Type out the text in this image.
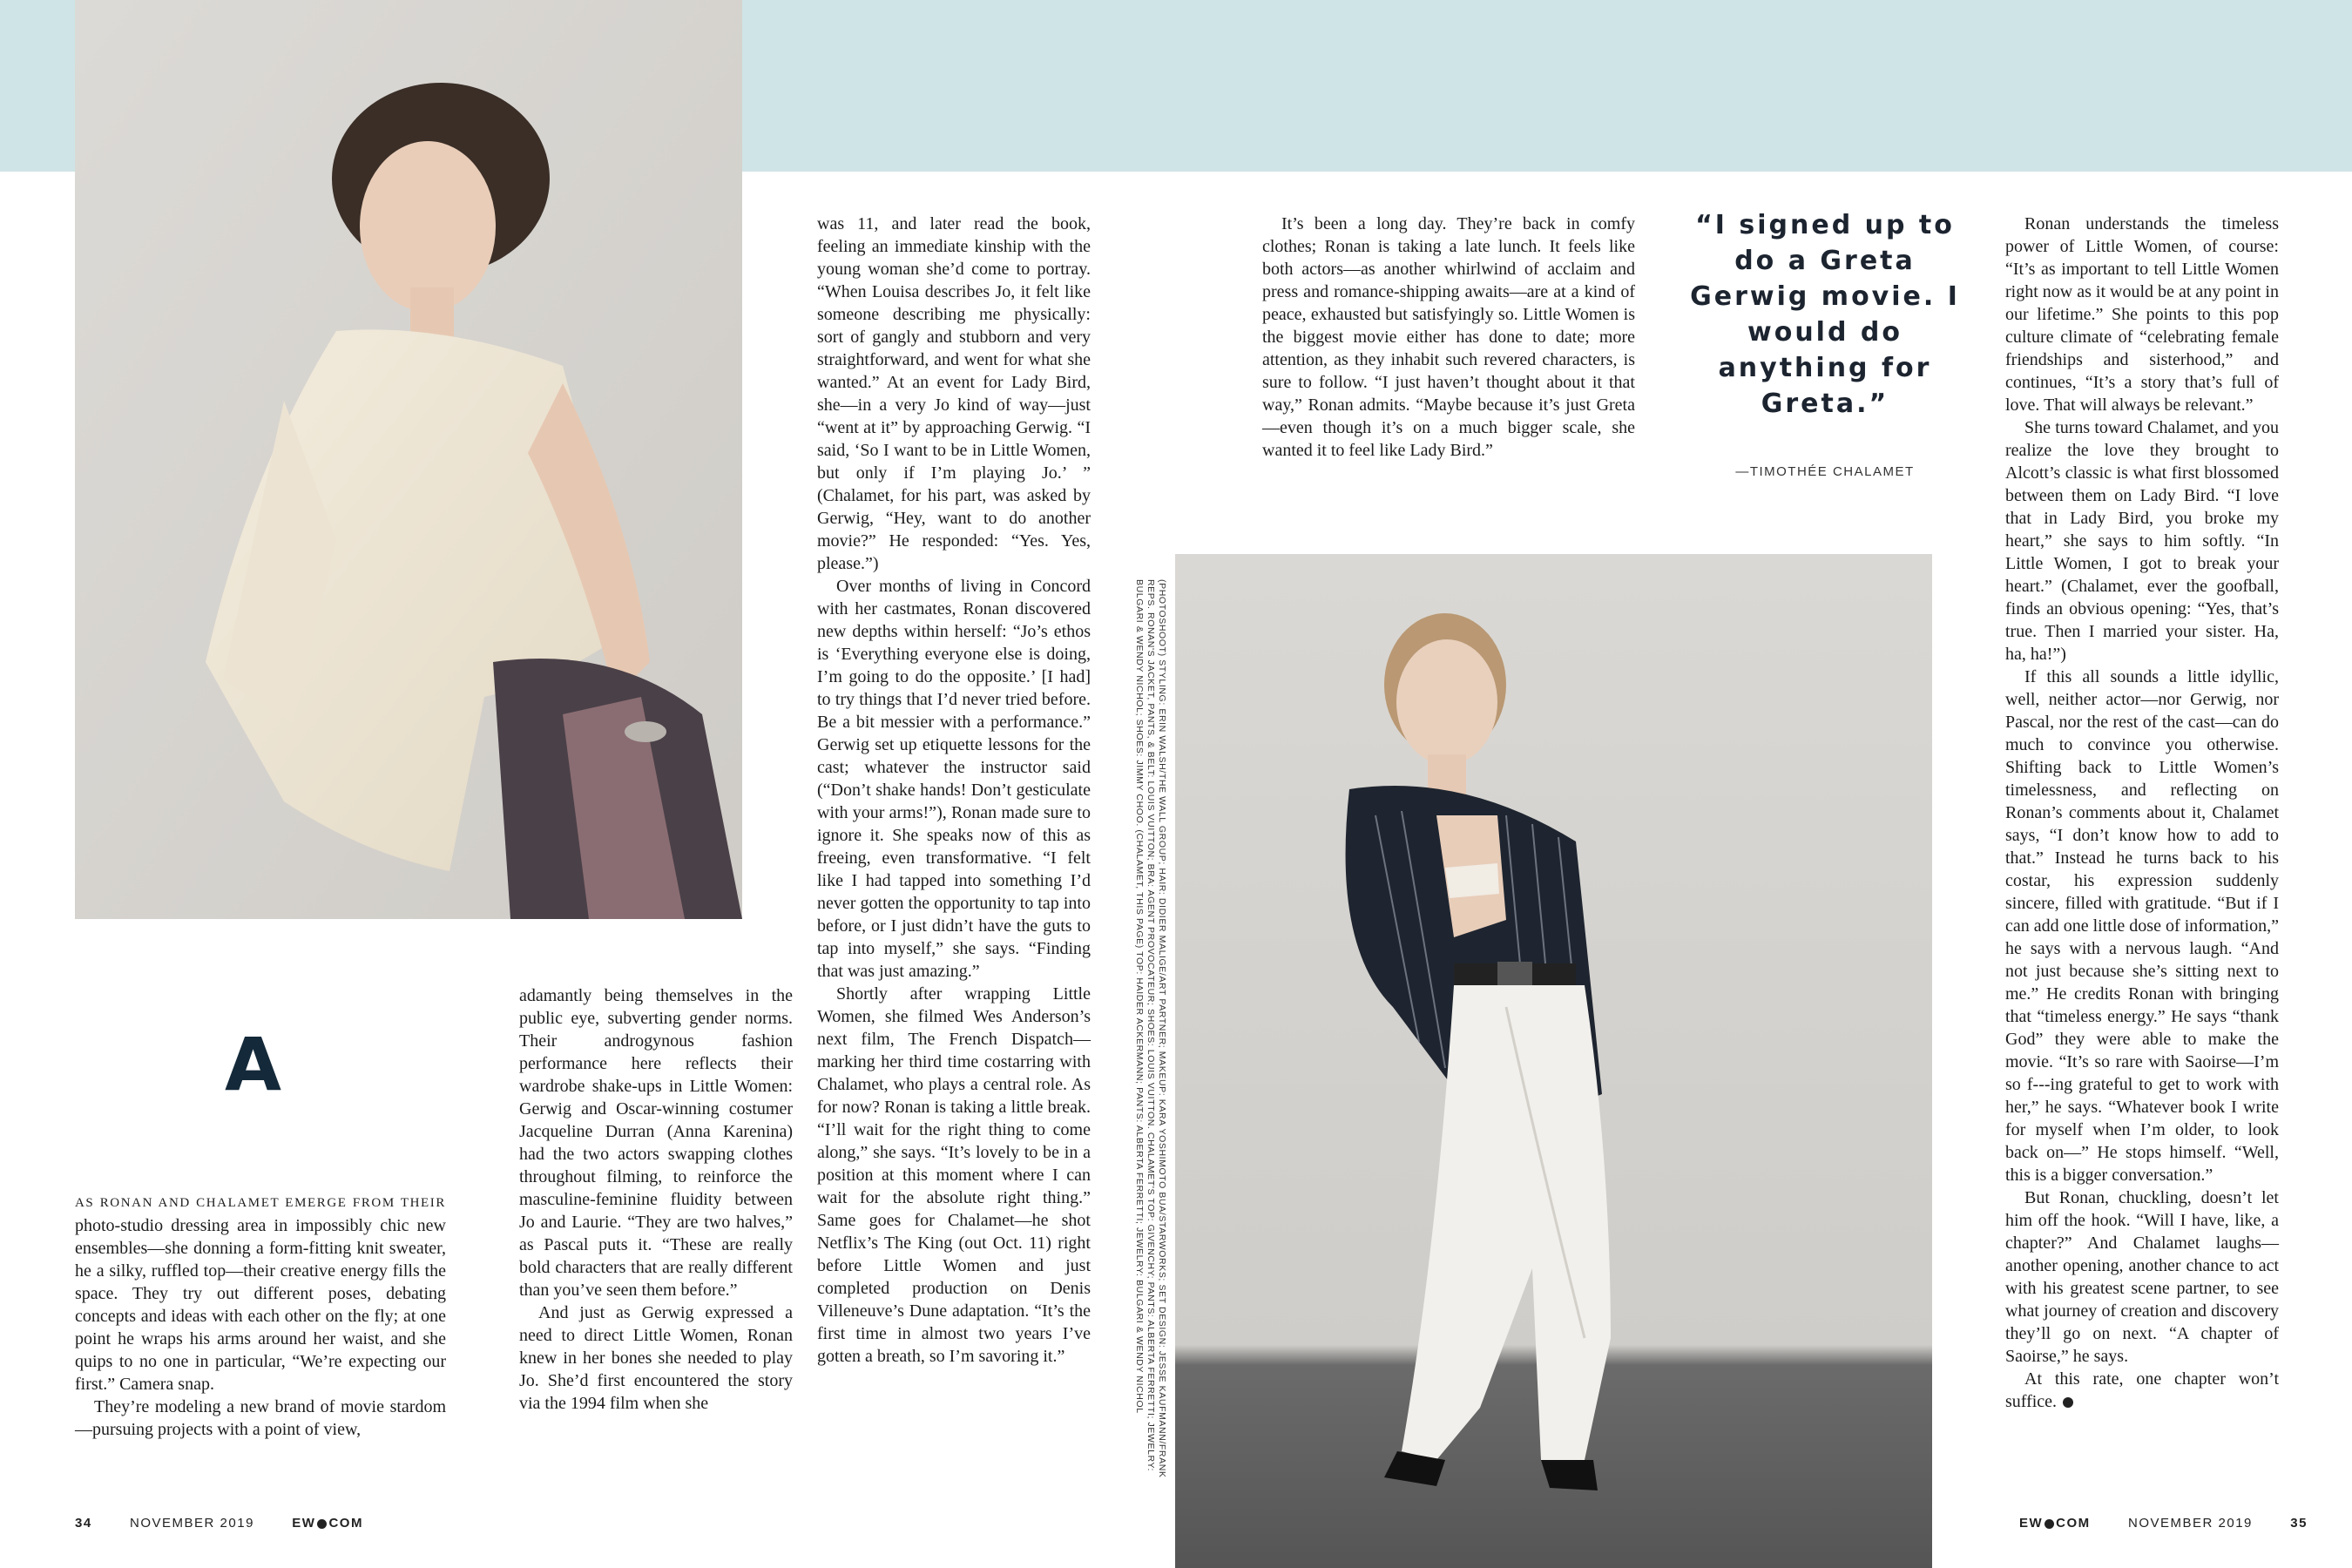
AS RONAN AND CHALAMET EMERGE FROM THEIR photo-studio dressing area in impossibly chic new ensembles—she donning a form-fitting knit sweater, he a silky, ruffled top—their creative energy fills the space. They try out different poses, debating concepts and ideas with each other on the fly; at one point he wraps his arms around her waist, and she quips to no one in particular, “We’re expecting our first.” Camera snap.

They’re modeling a new brand of movie stardom—pursuing projects with a point of view,

A

adamantly being themselves in the public eye, subverting gender norms. Their androgynous fashion performance here reflects their wardrobe shake-ups in Little Women: Gerwig and Oscar-winning costumer Jacqueline Durran (Anna Karenina) had the two actors swapping clothes throughout filming, to reinforce the masculine-feminine fluidity between Jo and Laurie. “They are two halves,” as Pascal puts it. “These are really bold characters that are really different than you’ve seen them before.”

And just as Gerwig expressed a need to direct Little Women, Ronan knew in her bones she needed to play Jo. She’d first encountered the story via the 1994 film when she

was 11, and later read the book, feeling an immediate kinship with the young woman she’d come to portray. “When Louisa describes Jo, it felt like someone describing me physically: sort of gangly and stubborn and very straightforward, and went for what she wanted.” At an event for Lady Bird, she—in a very Jo kind of way—just “went at it” by approaching Gerwig. “I said, ‘So I want to be in Little Women, but only if I’m playing Jo.’ ” (Chalamet, for his part, was asked by Gerwig, “Hey, want to do another movie?” He responded: “Yes. Yes, please.”)

Over months of living in Concord with her castmates, Ronan discovered new depths within herself: “Jo’s ethos is ‘Everything everyone else is doing, I’m going to do the opposite.’ [I had] to try things that I’d never tried before. Be a bit messier with a performance.” Gerwig set up etiquette lessons for the cast; whatever the instructor said (“Don’t shake hands! Don’t gesticulate with your arms!”), Ronan made sure to ignore it. She speaks now of this as freeing, even transformative. “I felt like I had tapped into something I’d never gotten the opportunity to tap into before, or I just didn’t have the guts to tap into myself,” she says. “Finding that was just amazing.”

Shortly after wrapping Little Women, she filmed Wes Anderson’s next film, The French Dispatch—marking her third time costarring with Chalamet, who plays a central role. As for now? Ronan is taking a little break. “I’ll wait for the right thing to come along,” she says. “It’s lovely to be in a position at this moment where I can wait for the absolute right thing.” Same goes for Chalamet—he shot Netflix’s The King (out Oct. 11) right before Little Women and just completed production on Denis Villeneuve’s Dune adaptation. “It’s the first time in almost two years I’ve gotten a breath, so I’m savoring it.”

It’s been a long day. They’re back in comfy clothes; Ronan is taking a late lunch. It feels like both actors—as another whirlwind of acclaim and press and romance-shipping awaits—are at a kind of peace, exhausted but satisfyingly so. Little Women is the biggest movie either has done to date; more attention, as they inhabit such revered characters, is sure to follow. “I just haven’t thought about it that way,” Ronan admits. “Maybe because it’s just Greta—even though it’s on a much bigger scale, she wanted it to feel like Lady Bird.”

“I signed up to do a Greta Gerwig movie. I would do anything for Greta.”
—TIMOTHÉE CHALAMET

Ronan understands the timeless power of Little Women, of course: “It’s as important to tell Little Women right now as it would be at any point in our lifetime.” She points to this pop culture climate of “celebrating female friendships and sisterhood,” and continues, “It’s a story that’s full of love. That will always be relevant.”

She turns toward Chalamet, and you realize the love they brought to Alcott’s classic is what first blossomed between them on Lady Bird. “I love that in Lady Bird, you broke my heart,” she says to him softly. “In Little Women, I got to break your heart.” (Chalamet, ever the goofball, finds an obvious opening: “Yes, that’s true. Then I married your sister. Ha, ha, ha!”)

If this all sounds a little idyllic, well, neither actor—nor Gerwig, nor Pascal, nor the rest of the cast—can do much to convince you otherwise. Shifting back to Little Women’s timelessness, and reflecting on Ronan’s comments about it, Chalamet says, “I don’t know how to add to that.” Instead he turns back to his costar, his expression suddenly sincere, filled with gratitude. “But if I can add one little dose of information,” he says with a nervous laugh. “And not just because she’s sitting next to me.” He credits Ronan with bringing that “timeless energy.” He says “thank God” they were able to make the movie. “It’s so rare with Saoirse—I’m so f---ing grateful to get to work with her,” he says. “Whatever book I write for myself when I’m older, to look back on—” He stops himself. “Well, this is a bigger conversation.”

But Ronan, chuckling, doesn’t let him off the hook. “Will I have, like, a chapter?” And Chalamet laughs—another opening, another chance to act with his greatest scene partner, to see what journey of creation and discovery they’ll go on next. “A chapter of Saoirse,” he says.

At this rate, one chapter won’t suffice.

(PHOTOSHOOT) STYLING: ERIN WALSH/THE WALL GROUP; HAIR: DIDIER MALIGE/ART PARTNER; MAKEUP: KARA YOSHIMOTO BUA/STARWORKS; SET DESIGN: JESSE KAUFMANN/FRANK REPS. RONAN'S JACKET, PANTS, & BELT: LOUIS VUITTON; BRA: AGENT PROVOCATEUR; SHOES: LOUIS VUITTON. CHALAMET'S TOP: GIVENCHY; PANTS: ALBERTA FERRETTI; JEWELRY: BULGARI & WENDY NICHOL; SHOES: JIMMY CHOO. (CHALAMET, THIS PAGE) TOP: HAIDER ACKERMANN; PANTS: ALBERTA FERRETTI; JEWELRY: BULGARI & WENDY NICHOL
34	NOVEMBER 2019	EW COM	EW COM	NOVEMBER 2019	35
